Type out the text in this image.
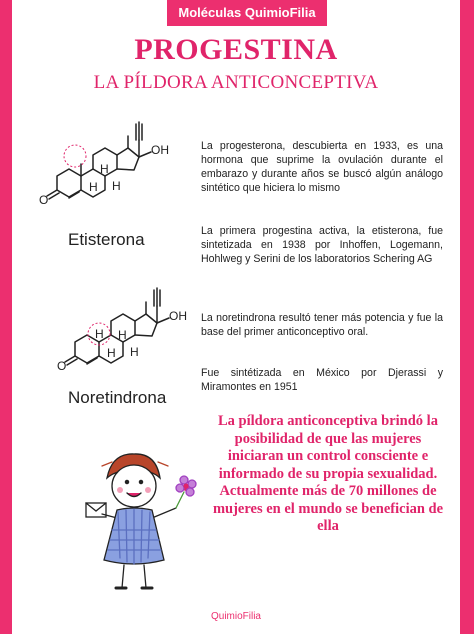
Moléculas QuimioFilia
PROGESTINA
LA PÍLDORA ANTICONCEPTIVA
OH
H
H H
O
Etisterona

La progesterona, descubierta en 1933, es una hormona que suprime la ovulación durante el embarazo y durante años se buscó algún análogo sintético que hiciera lo mismo

La primera progestina activa, la etisterona, fue sintetizada en 1938 por Inhoffen, Logemann, Hohlweg y Serini de los laboratorios Schering AG

OH
H H
H H
O
Noretindrona

La noretindrona resultó tener más potencia y fue la base del primer anticonceptivo oral.

Fue sintétizada en México por Djerassi y Miramontes en 1951

La píldora anticonceptiva brindó la posibilidad de que las mujeres iniciaran un control consciente e informado de su propia sexualidad. Actualmente más de 70 millones de mujeres en el mundo se benefician de ella

QuimioFilia
